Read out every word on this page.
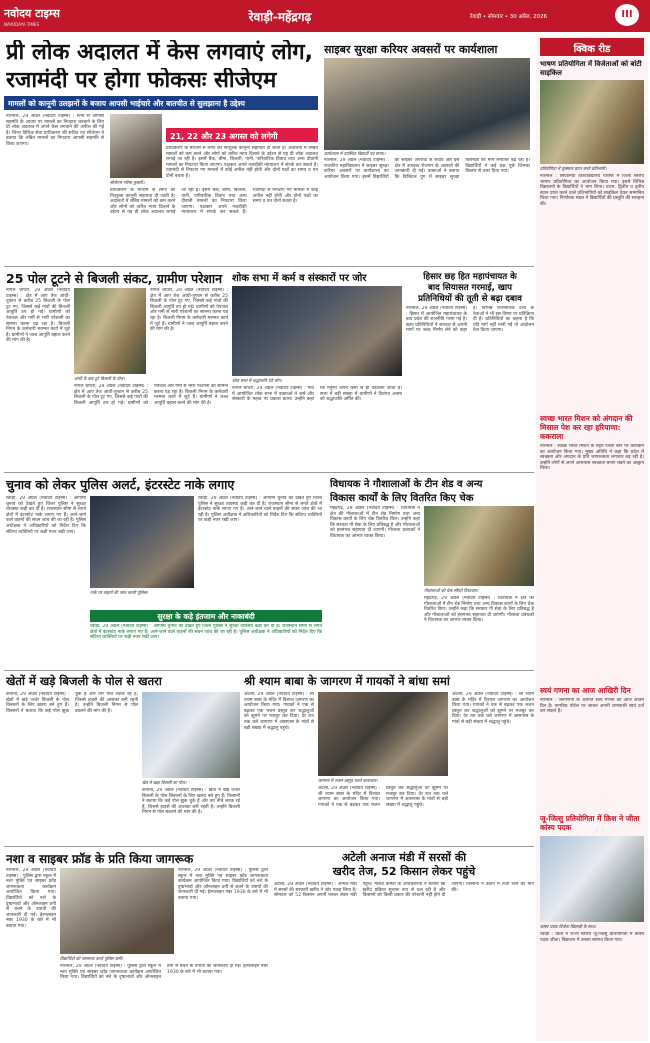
नवोदय टाइम्स
NAVODAYA TIMES
रेवाड़ी-महेंद्रगढ़	रेवाड़ी • सोमवार • 30 अप्रैल, 2026	III
प्री लोक अदालत में केस लगवाएं लोग,
रजामंदी पर होगा फोकसः सीजेएम
मामलों को कानूनी उलझनों के बजाय आपसी भाईचारे और बातचीत से सुलझाना है उद्देश्य
नारनौल, 29 अप्रैल (नवोदय टाइम्स) : सभी से आपसी सहमति के आधार पर मामलों का निपटारा करवाने के लिए प्री लोक अदालत में अपने केस लगवाने की अपील की गई है। जिला विधिक सेवा प्राधिकरण की सचिव एवं सीजेएम ने बताया कि लंबित मामलों का निपटारा आपसी सहमति से किया जाएगा।
सीजेएम गरिमा कुमारी।
21, 22 और 23 अगस्त को लगेगी
प्राधिकरण के माध्यम से लोगों को निःशुल्क कानूनी सहायता दी जाती है। अदालतों में लंबित मामलों को कम करने और लोगों को त्वरित न्याय दिलाने के उद्देश्य से यह प्री लोक अदालत लगाई जा रही है। इसमें बैंक, बीमा, बिजली, पानी, पारिवारिक विवाद तथा अन्य दीवानी मामलों का निपटारा किया जाएगा। पक्षकार अपने नजदीकी न्यायालय में संपर्क कर सकते हैं। रजामंदी से निपटाए गए मामलों में कोई अपील नहीं होती और दोनों पक्षों का समय व धन दोनों बचता है।
प्राधिकरण के माध्यम से लोगों को निःशुल्क कानूनी सहायता दी जाती है। अदालतों में लंबित मामलों को कम करने और लोगों को त्वरित न्याय दिलाने के उद्देश्य से यह प्री लोक अदालत लगाई जा रही है। इसमें बैंक, बीमा, बिजली, पानी, पारिवारिक विवाद तथा अन्य दीवानी मामलों का निपटारा किया जाएगा। पक्षकार अपने नजदीकी न्यायालय में संपर्क कर सकते हैं। रजामंदी से निपटाए गए मामलों में कोई अपील नहीं होती और दोनों पक्षों का समय व धन दोनों बचता है।
साइबर सुरक्षा करियर अवसरों पर कार्यशाला
कार्यशाला में उपस्थित विद्यार्थी एवं स्टाफ।
नारनौल, 29 अप्रैल (नवोदय टाइम्स) : राजकीय महाविद्यालय में साइबर सुरक्षा करियर अवसरों पर कार्यशाला का आयोजन किया गया। इसमें विद्यार्थियों को साइबर अपराधों से बचाव और इस क्षेत्र में उपलब्ध रोजगार के अवसरों की जानकारी दी गई। वक्ताओं ने बताया कि डिजिटल युग में साइबर सुरक्षा विशेषज्ञों की मांग लगातार बढ़ रही है। विद्यार्थियों ने कई प्रश्न पूछे जिनका विस्तार से उत्तर दिया गया।
क्विक रीड
भाषण प्रतियोगिता में विजेताओं को बांटी साइकिल
प्रतियोगिता में पुरस्कार प्राप्त करते प्रतिभागी।
नारनौल : सिंघानिया विश्वविद्यालय परिसर में जिला स्तरीय भाषण प्रतियोगिता का आयोजन किया गया। इसमें विभिन्न विद्यालयों के विद्यार्थियों ने भाग लिया। प्रथम, द्वितीय व तृतीय स्थान प्राप्त करने वाले प्रतिभागियों को साइकिल देकर सम्मानित किया गया। निर्णायक मंडल ने विद्यार्थियों की प्रस्तुति की सराहना की।
स्वच्छ भारत मिशन को अंगदान की मिसाल पेश कर रहा हरियाणा: ककराला
नारनौल : स्वच्छ भारत मिशन के तहत जिला स्तर पर कार्यक्रम का आयोजन किया गया। मुख्य अतिथि ने कहा कि प्रदेश में स्वच्छता और अंगदान के प्रति जागरूकता लगातार बढ़ रही है। उन्होंने लोगों से अपने आसपास स्वच्छता बनाए रखने का आह्वान किया।
स्वयं गणना का आज आखिरी दिन
नारनौल : जनगणना के अंतर्गत स्वयं गणना का आज अंतिम दिन है। नागरिक पोर्टल पर जाकर अपनी जानकारी स्वयं दर्ज कर सकते हैं।
जू-जित्सु प्रतियोगिता में क्रिश ने जीता कांस्य पदक
कांस्य पदक विजेता खिलाड़ी के साथ।
रेवाड़ी : क्रिश ने राज्य स्तरीय जू-जित्सु प्रतियोगिता में कांस्य पदक जीता। विद्यालय में उनका स्वागत किया गया।
25 पोल टूटने से बिजली संकट, ग्रामीण परेशान
नांगल चौधरी, 29 अप्रैल (नवोदय टाइम्स) : क्षेत्र में आए तेज आंधी-तूफान से करीब 25 बिजली के पोल टूट गए, जिससे कई गांवों की बिजली आपूर्ति ठप हो गई। ग्रामीणों को पेयजल और गर्मी से भारी परेशानी का सामना करना पड़ रहा है। बिजली निगम के कर्मचारी मरम्मत कार्य में जुटे हैं। ग्रामीणों ने जल्द आपूर्ति बहाल करने की मांग की है।
आंधी के बाद टूटे बिजली के पोल।
नांगल चौधरी, 29 अप्रैल (नवोदय टाइम्स) : क्षेत्र में आए तेज आंधी-तूफान से करीब 25 बिजली के पोल टूट गए, जिससे कई गांवों की बिजली आपूर्ति ठप हो गई। ग्रामीणों को पेयजल और गर्मी से भारी परेशानी का सामना करना पड़ रहा है। बिजली निगम के कर्मचारी मरम्मत कार्य में जुटे हैं। ग्रामीणों ने जल्द आपूर्ति बहाल करने की मांग की है।
नांगल चौधरी, 29 अप्रैल (नवोदय टाइम्स) : क्षेत्र में आए तेज आंधी-तूफान से करीब 25 बिजली के पोल टूट गए, जिससे कई गांवों की बिजली आपूर्ति ठप हो गई। ग्रामीणों को पेयजल और गर्मी से भारी परेशानी का सामना करना पड़ रहा है। बिजली निगम के कर्मचारी मरम्मत कार्य में जुटे हैं। ग्रामीणों ने जल्द आपूर्ति बहाल करने की मांग की है।
शोक सभा में कर्म व संस्कारों पर जोर
शोक सभा में श्रद्धांजलि देते लोग।
नांगल चौधरी, 29 अप्रैल (नवोदय टाइम्स) : गांव में आयोजित शोक सभा में वक्ताओं ने कर्म और संस्कारों के महत्व पर प्रकाश डाला। उन्होंने कहा कि मनुष्य अपने कर्मों से ही पहचाना जाता है। सभा में बड़ी संख्या में ग्रामीणों ने दिवंगत आत्मा को श्रद्धांजलि अर्पित की।
हिसार छह हित महापंचायत के
बाद सियासत गरमाई, खाप
प्रतिनिधियों की तूती से बढ़ा दबाव
नारनौल, 29 अप्रैल (नवोदय टाइम्स) : हिसार में आयोजित महापंचायत के बाद प्रदेश की राजनीति गरमा गई है। खाप प्रतिनिधियों ने सरकार से अपनी मांगों पर जल्द निर्णय लेने को कहा है। विभिन्न राजनीतिक दलों के नेताओं ने भी इस विषय पर प्रतिक्रिया दी है। प्रतिनिधियों का कहना है कि यदि मांगें नहीं मानी गईं तो आंदोलन तेज किया जाएगा।
चुनाव को लेकर पुलिस अलर्ट, इंटरस्टेट नाके लगाए
रेवाड़ी, 29 अप्रैल (नवोदय टाइम्स) : आगामी चुनाव को देखते हुए जिला पुलिस ने सुरक्षा व्यवस्था कड़ी कर दी है। राजस्थान सीमा से लगते क्षेत्रों में इंटरस्टेट नाके लगाए गए हैं। आने-जाने वाले वाहनों की सघन जांच की जा रही है। पुलिस अधीक्षक ने अधिकारियों को निर्देश दिए कि संदिग्ध व्यक्तियों पर कड़ी नजर रखी जाए।
नाके पर वाहनों की जांच करती पुलिस।
रेवाड़ी, 29 अप्रैल (नवोदय टाइम्स) : आगामी चुनाव को देखते हुए जिला पुलिस ने सुरक्षा व्यवस्था कड़ी कर दी है। राजस्थान सीमा से लगते क्षेत्रों में इंटरस्टेट नाके लगाए गए हैं। आने-जाने वाले वाहनों की सघन जांच की जा रही है। पुलिस अधीक्षक ने अधिकारियों को निर्देश दिए कि संदिग्ध व्यक्तियों पर कड़ी नजर रखी जाए।
सुरक्षा के कड़े इंतजाम और नाकाबंदी
रेवाड़ी, 29 अप्रैल (नवोदय टाइम्स) : आगामी चुनाव को देखते हुए जिला पुलिस ने सुरक्षा व्यवस्था कड़ी कर दी है। राजस्थान सीमा से लगते क्षेत्रों में इंटरस्टेट नाके लगाए गए हैं। आने-जाने वाले वाहनों की सघन जांच की जा रही है। पुलिस अधीक्षक ने अधिकारियों को निर्देश दिए कि संदिग्ध व्यक्तियों पर कड़ी नजर रखी जाए।
विधायक ने गौशालाओं के टीन शेड व अन्य
विकास कार्यों के लिए वितरित किए चेक
महेंद्रगढ़, 29 अप्रैल (नवोदय टाइम्स) : विधायक ने क्षेत्र की गौशालाओं में टीन शेड निर्माण तथा अन्य विकास कार्यों के लिए चेक वितरित किए। उन्होंने कहा कि सरकार गौ सेवा के लिए प्रतिबद्ध है और गौशालाओं को हरसंभव सहायता दी जाएगी। गौशाला प्रबंधकों ने विधायक का आभार व्यक्त किया।
गौशालाओं को चेक सौंपते विधायक।
महेंद्रगढ़, 29 अप्रैल (नवोदय टाइम्स) : विधायक ने क्षेत्र की गौशालाओं में टीन शेड निर्माण तथा अन्य विकास कार्यों के लिए चेक वितरित किए। उन्होंने कहा कि सरकार गौ सेवा के लिए प्रतिबद्ध है और गौशालाओं को हरसंभव सहायता दी जाएगी। गौशाला प्रबंधकों ने विधायक का आभार व्यक्त किया।
खेतों में खड़े बिजली के पोल से खतरा
कनीना, 29 अप्रैल (नवोदय टाइम्स) : खेतों में खड़े जर्जर बिजली के पोल किसानों के लिए खतरा बने हुए हैं। किसानों ने बताया कि कई पोल झुक चुके हैं और तार नीचे लटक रहे हैं, जिससे हादसे की आशंका बनी रहती है। उन्होंने बिजली निगम से पोल बदलने की मांग की है।
खेत में खड़ा बिजली का पोल।
कनीना, 29 अप्रैल (नवोदय टाइम्स) : खेतों में खड़े जर्जर बिजली के पोल किसानों के लिए खतरा बने हुए हैं। किसानों ने बताया कि कई पोल झुक चुके हैं और तार नीचे लटक रहे हैं, जिससे हादसे की आशंका बनी रहती है। उन्होंने बिजली निगम से पोल बदलने की मांग की है।
श्री श्याम बाबा के जागरण में गायकों ने बांधा समां
अटेली, 29 अप्रैल (नवोदय टाइम्स) : श्री श्याम बाबा के मंदिर में विशाल जागरण का आयोजन किया गया। गायकों ने एक से बढ़कर एक भजन प्रस्तुत कर श्रद्धालुओं को झूमने पर मजबूर कर दिया। देर रात तक चले जागरण में आसपास के गांवों से बड़ी संख्या में श्रद्धालु पहुंचे।
जागरण में भजन प्रस्तुत करते कलाकार।
अटेली, 29 अप्रैल (नवोदय टाइम्स) : श्री श्याम बाबा के मंदिर में विशाल जागरण का आयोजन किया गया। गायकों ने एक से बढ़कर एक भजन प्रस्तुत कर श्रद्धालुओं को झूमने पर मजबूर कर दिया। देर रात तक चले जागरण में आसपास के गांवों से बड़ी संख्या में श्रद्धालु पहुंचे।
अटेली, 29 अप्रैल (नवोदय टाइम्स) : श्री श्याम बाबा के मंदिर में विशाल जागरण का आयोजन किया गया। गायकों ने एक से बढ़कर एक भजन प्रस्तुत कर श्रद्धालुओं को झूमने पर मजबूर कर दिया। देर रात तक चले जागरण में आसपास के गांवों से बड़ी संख्या में श्रद्धालु पहुंचे।
नशा व साइबर फ्रॉड के प्रति किया जागरूक
नारनौल, 29 अप्रैल (नवोदय टाइम्स) : पुलिस द्वारा स्कूल में नशा मुक्ति एवं साइबर फ्रॉड जागरूकता कार्यक्रम आयोजित किया गया। विद्यार्थियों को नशे के दुष्प्रभावों और ऑनलाइन ठगी से बचने के उपायों की जानकारी दी गई। हेल्पलाइन नंबर 1930 के बारे में भी बताया गया।
विद्यार्थियों को जागरूक करते पुलिस कर्मी।
नारनौल, 29 अप्रैल (नवोदय टाइम्स) : पुलिस द्वारा स्कूल में नशा मुक्ति एवं साइबर फ्रॉड जागरूकता कार्यक्रम आयोजित किया गया। विद्यार्थियों को नशे के दुष्प्रभावों और ऑनलाइन ठगी से बचने के उपायों की जानकारी दी गई। हेल्पलाइन नंबर 1930 के बारे में भी बताया गया।
नारनौल, 29 अप्रैल (नवोदय टाइम्स) : पुलिस द्वारा स्कूल में नशा मुक्ति एवं साइबर फ्रॉड जागरूकता कार्यक्रम आयोजित किया गया। विद्यार्थियों को नशे के दुष्प्रभावों और ऑनलाइन ठगी से बचने के उपायों की जानकारी दी गई। हेल्पलाइन नंबर 1930 के बारे में भी बताया गया।
अटेली अनाज मंडी में सरसों की
खरीद तेज, 52 किसान लेकर पहुंचे
अटेली, 29 अप्रैल (नवोदय टाइम्स) : अनाज मंडी में सरसों की सरकारी खरीद ने जोर पकड़ लिया है। सोमवार को 52 किसान अपनी फसल लेकर मंडी पहुंचे। मार्केट कमेटी के अधिकारियों ने बताया कि खरीद प्रक्रिया सुचारू रूप से चल रही है और किसानों को किसी प्रकार की परेशानी नहीं होने दी जाएगी। किसानों ने उठान में तेजी लाने की मांग की।
